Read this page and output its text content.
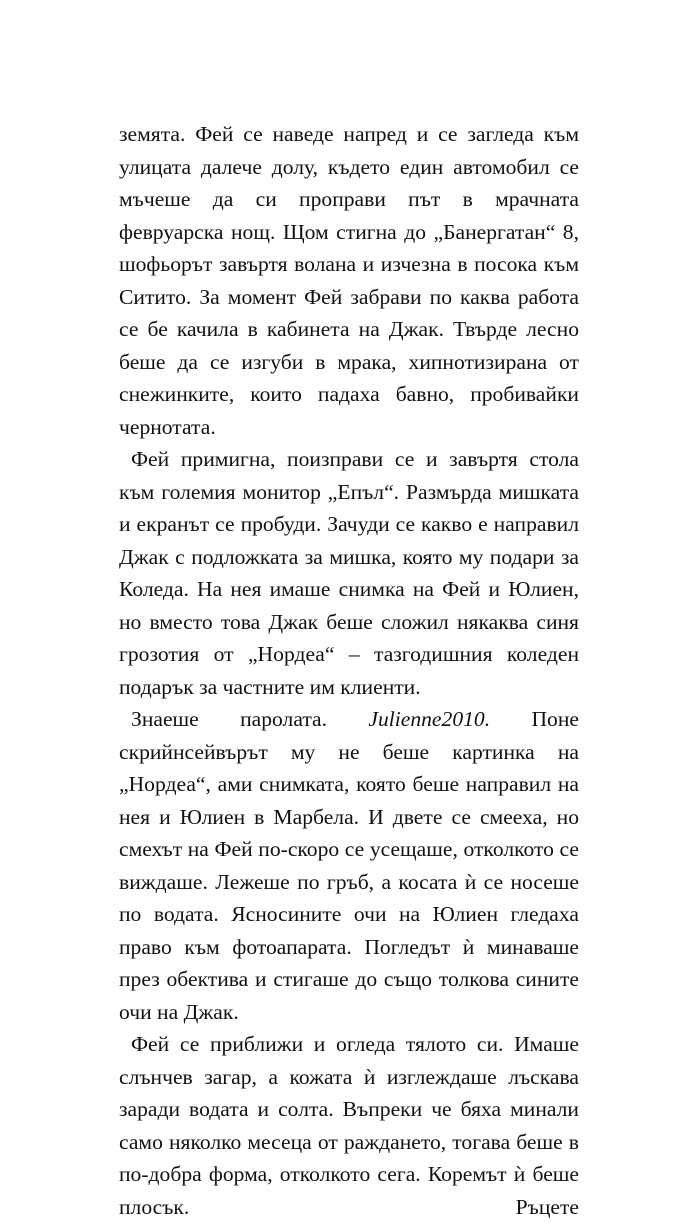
земята. Фей се наведе напред и се загледа към улицата далече долу, където един автомобил се мъчеше да си проправи път в мрачната февруарска нощ. Щом стигна до „Банергатан“ 8, шофьорът завъртя волана и изчезна в посока към Ситито. За момент Фей забрави по каква работа се бе качила в кабинета на Джак. Твърде лесно беше да се изгуби в мрака, хипнотизирана от снежинките, които падаха бавно, пробивайки чернотата.

Фей примигна, поизправи се и завъртя стола към големия монитор „Епъл“. Размърда мишката и екранът се пробуди. Зачуди се какво е направил Джак с подложката за мишка, която му подари за Коледа. На нея имаше снимка на Фей и Юлиен, но вместо това Джак беше сложил някаква синя грозотия от „Нордеа“ – тазгодишния коледен подарък за частните им клиенти.

Знаеше паролата. Julienne2010. Поне скрийнсейвърът му не беше картинка на „Нордеа“, ами снимката, която беше направил на нея и Юлиен в Марбела. И двете се смееха, но смехът на Фей по-скоро се усещаше, отколкото се виждаше. Лежеше по гръб, а косата ѝ се носеше по водата. Ясносините очи на Юлиен гледаха право към фотоапарата. Погледът ѝ минаваше през обектива и стигаше до също толкова сините очи на Джак.

Фей се приближи и огледа тялото си. Имаше слънчев загар, а кожата ѝ изглеждаше лъскава заради водата и солта. Въпреки че бяха минали само няколко месеца от раждането, тогава беше в по-добра форма, отколкото сега. Коремът ѝ беше плосък. Ръцете
